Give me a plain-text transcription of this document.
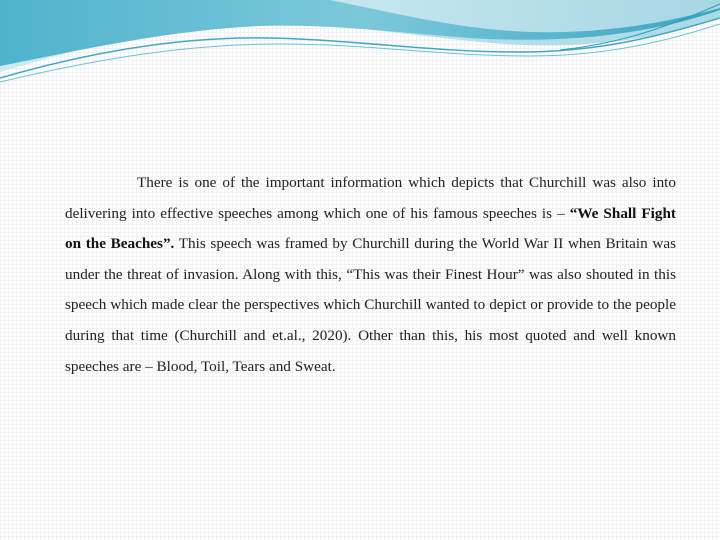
There is one of the important information which depicts that Churchill was also into delivering into effective speeches among which one of his famous speeches is – “We Shall Fight on the Beaches”. This speech was framed by Churchill during the World War II when Britain was under the threat of invasion. Along with this, “This was their Finest Hour” was also shouted in this speech which made clear the perspectives which Churchill wanted to depict or provide to the people during that time (Churchill and et.al., 2020). Other than this, his most quoted and well known speeches are – Blood, Toil, Tears and Sweat.
